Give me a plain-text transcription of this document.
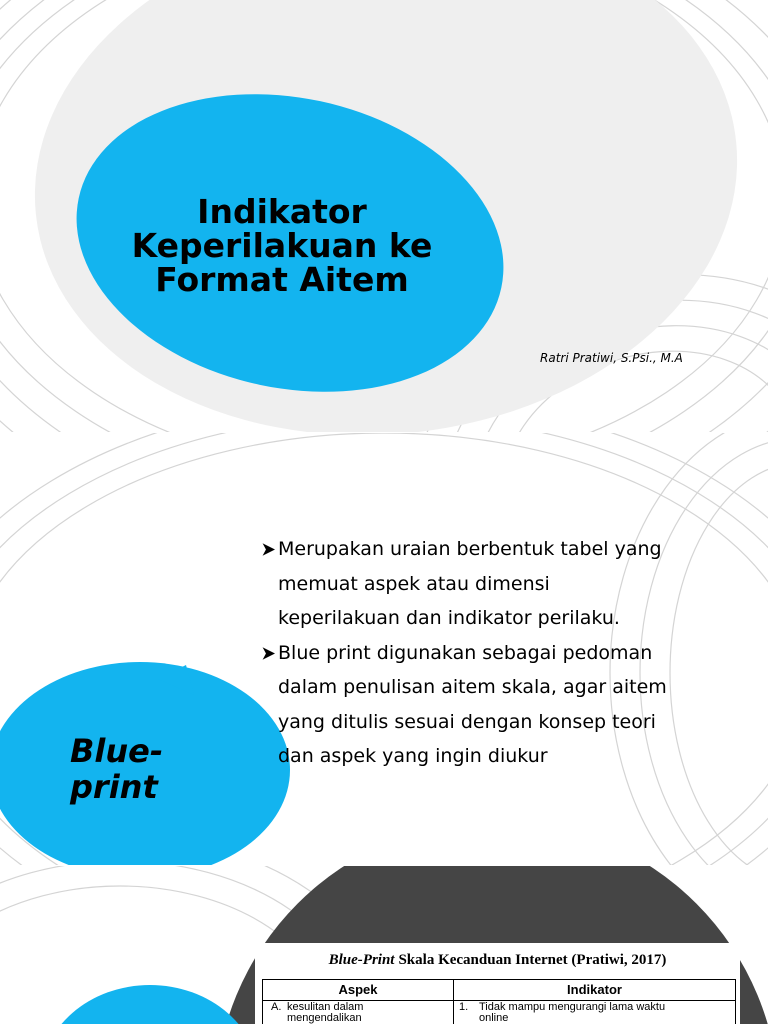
Indikator
Keperilakuan ke
Format Aitem
Ratri Pratiwi, S.Psi., M.A
Blue-
print
Merupakan uraian berbentuk tabel yang
memuat aspek atau dimensi
keperilakuan dan indikator perilaku.
Blue print digunakan sebagai pedoman
dalam penulisan aitem skala, agar aitem
yang ditulis sesuai dengan konsep teori
dan aspek yang ingin diukur
Blue-Print Skala Kecanduan Internet (Pratiwi, 2017)
Aspek	Indikator
A. kesulitan dalam
mengendalikan
1. Tidak mampu mengurangi lama waktu
online
